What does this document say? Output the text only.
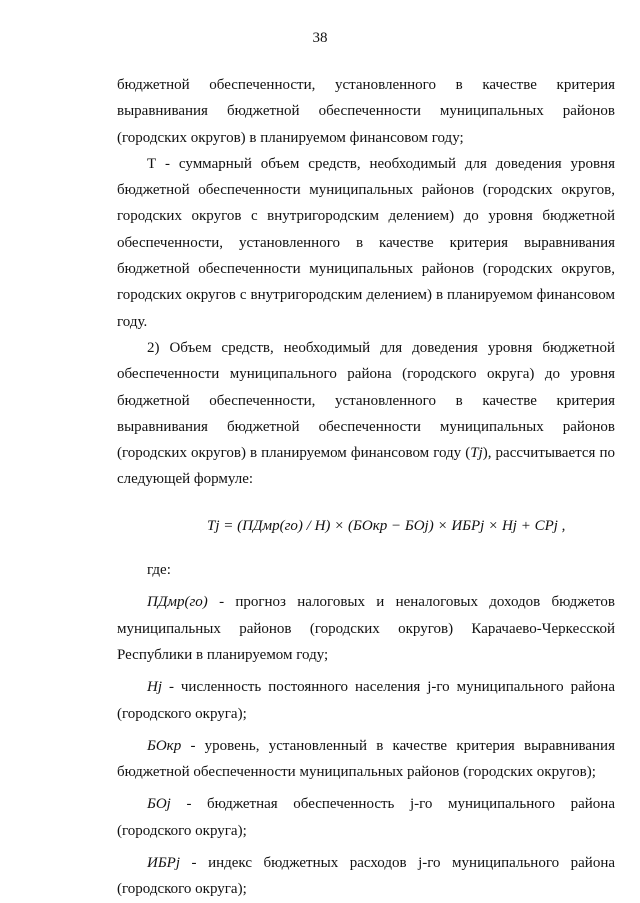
38

бюджетной обеспеченности, установленного в качестве критерия выравнивания бюджетной обеспеченности муниципальных районов (городских округов) в планируемом финансовом году;

Т - суммарный объем средств, необходимый для доведения уровня бюджетной обеспеченности муниципальных районов (городских округов, городских округов с внутригородским делением) до уровня бюджетной обеспеченности, установленного в качестве критерия выравнивания бюджетной обеспеченности муниципальных районов (городских округов, городских округов с внутригородским делением) в планируемом финансовом году.

2) Объем средств, необходимый для доведения уровня бюджетной обеспеченности муниципального района (городского округа) до уровня бюджетной обеспеченности, установленного в качестве критерия выравнивания бюджетной обеспеченности муниципальных районов (городских округов) в планируемом финансовом году (Tj), рассчитывается по следующей формуле:

Tj = (ПДмр(го) / Н) × (БОкр − БОj) × ИБРj × Нj + СРj ,

где:

ПДмр(го) - прогноз налоговых и неналоговых доходов бюджетов муниципальных районов (городских округов) Карачаево-Черкесской Республики в планируемом году;

Нj - численность постоянного населения j-го муниципального района (городского округа);

БОкр - уровень, установленный в качестве критерия выравнивания бюджетной обеспеченности муниципальных районов (городских округов);

БОj - бюджетная обеспеченность j-го муниципального района (городского округа);

ИБРj - индекс бюджетных расходов j-го муниципального района (городского округа);
